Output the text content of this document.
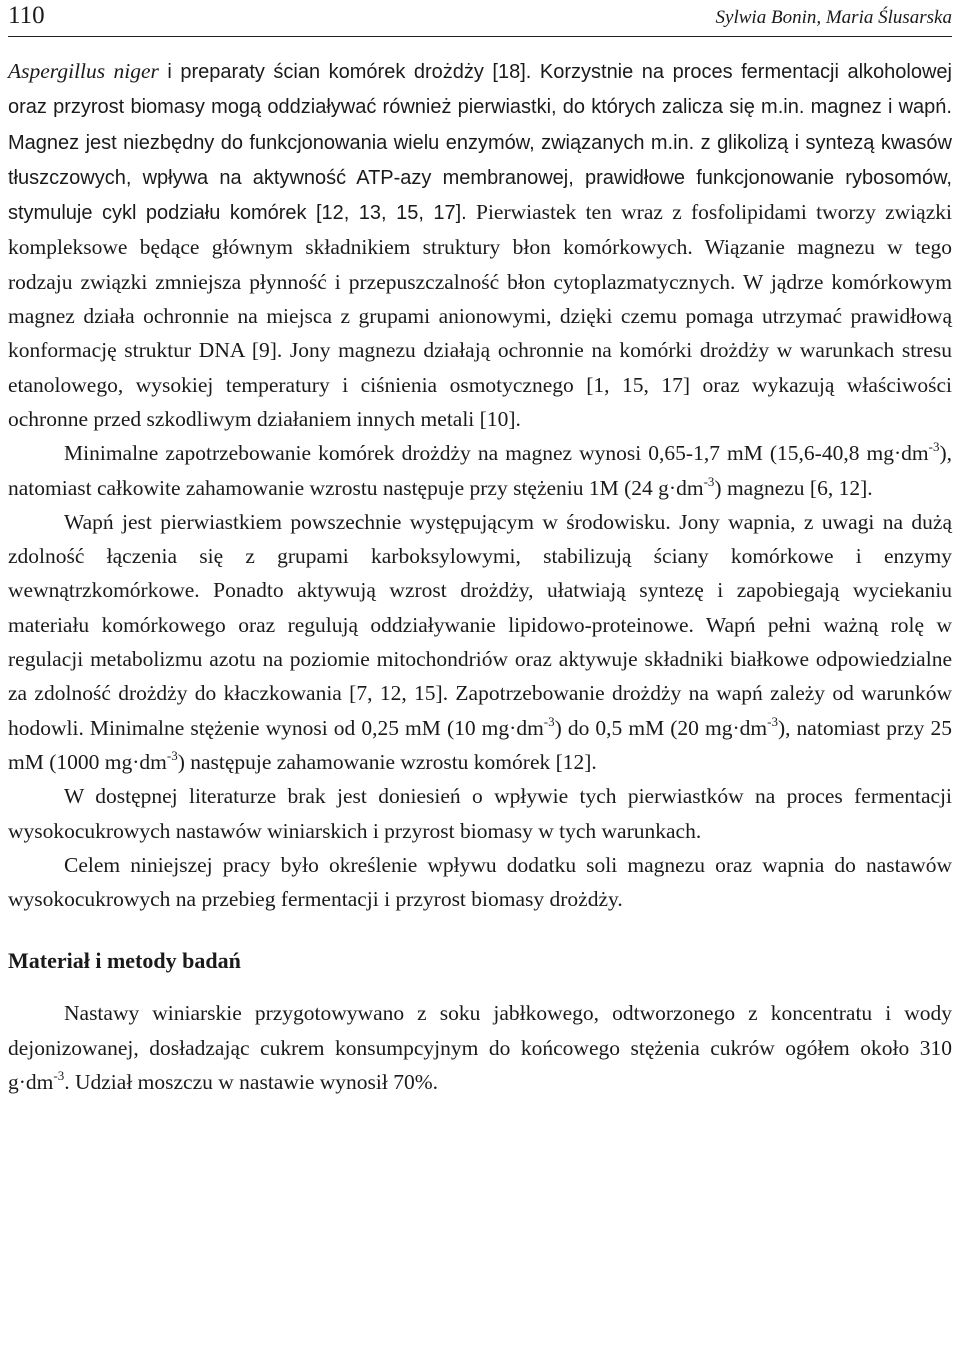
110	Sylwia Bonin, Maria Ślusarska

Aspergillus niger i preparaty ścian komórek drożdży [18]. Korzystnie na proces fermentacji alkoholowej oraz przyrost biomasy mogą oddziaływać również pierwiastki, do których zalicza się m.in. magnez i wapń. Magnez jest niezbędny do funkcjonowania wielu enzymów, związanych m.in. z glikolizą i syntezą kwasów tłuszczowych, wpływa na aktywność ATP-azy membranowej, prawidłowe funkcjonowanie rybosomów, stymuluje cykl podziału komórek [12, 13, 15, 17]. Pierwiastek ten wraz z fosfolipidami tworzy związki kompleksowe będące głównym składnikiem struktury błon komórkowych. Wiązanie magnezu w tego rodzaju związki zmniejsza płynność i przepuszczalność błon cytoplazmatycznych. W jądrze komórkowym magnez działa ochronnie na miejsca z grupami anionowymi, dzięki czemu pomaga utrzymać prawidłową konformację struktur DNA [9]. Jony magnezu działają ochronnie na komórki drożdży w warunkach stresu etanolowego, wysokiej temperatury i ciśnienia osmotycznego [1, 15, 17] oraz wykazują właściwości ochronne przed szkodliwym działaniem innych metali [10].

Minimalne zapotrzebowanie komórek drożdży na magnez wynosi 0,65-1,7 mM (15,6-40,8 $mg\cdot dm^{-3}$), natomiast całkowite zahamowanie wzrostu następuje przy stężeniu 1M (24 $g\cdot dm^{-3}$) magnezu [6, 12].

Wapń jest pierwiastkiem powszechnie występującym w środowisku. Jony wapnia, z uwagi na dużą zdolność łączenia się z grupami karboksylowymi, stabilizują ściany komórkowe i enzymy wewnątrzkomórkowe. Ponadto aktywują wzrost drożdży, ułatwiają syntezę i zapobiegają wyciekaniu materiału komórkowego oraz regulują oddziaływanie lipidowo-proteinowe. Wapń pełni ważną rolę w regulacji metabolizmu azotu na poziomie mitochondriów oraz aktywuje składniki białkowe odpowiedzialne za zdolność drożdży do kłaczkowania [7, 12, 15]. Zapotrzebowanie drożdży na wapń zależy od warunków hodowli. Minimalne stężenie wynosi od 0,25 mM (10 $mg\cdot dm^{-3}$) do 0,5 mM (20 $mg\cdot dm^{-3}$), natomiast przy 25 mM (1000 $mg\cdot dm^{-3}$) następuje zahamowanie wzrostu komórek [12].

W dostępnej literaturze brak jest doniesień o wpływie tych pierwiastków na proces fermentacji wysokocukrowych nastawów winiarskich i przyrost biomasy w tych warunkach.

Celem niniejszej pracy było określenie wpływu dodatku soli magnezu oraz wapnia do nastawów wysokocukrowych na przebieg fermentacji i przyrost biomasy drożdży.

Materiał i metody badań

Nastawy winiarskie przygotowywano z soku jabłkowego, odtworzonego z koncentratu i wody dejonizowanej, dosładzając cukrem konsumpcyjnym do końcowego stężenia cukrów ogółem około 310 $g\cdot dm^{-3}$. Udział moszczu w nastawie wynosił 70%.
